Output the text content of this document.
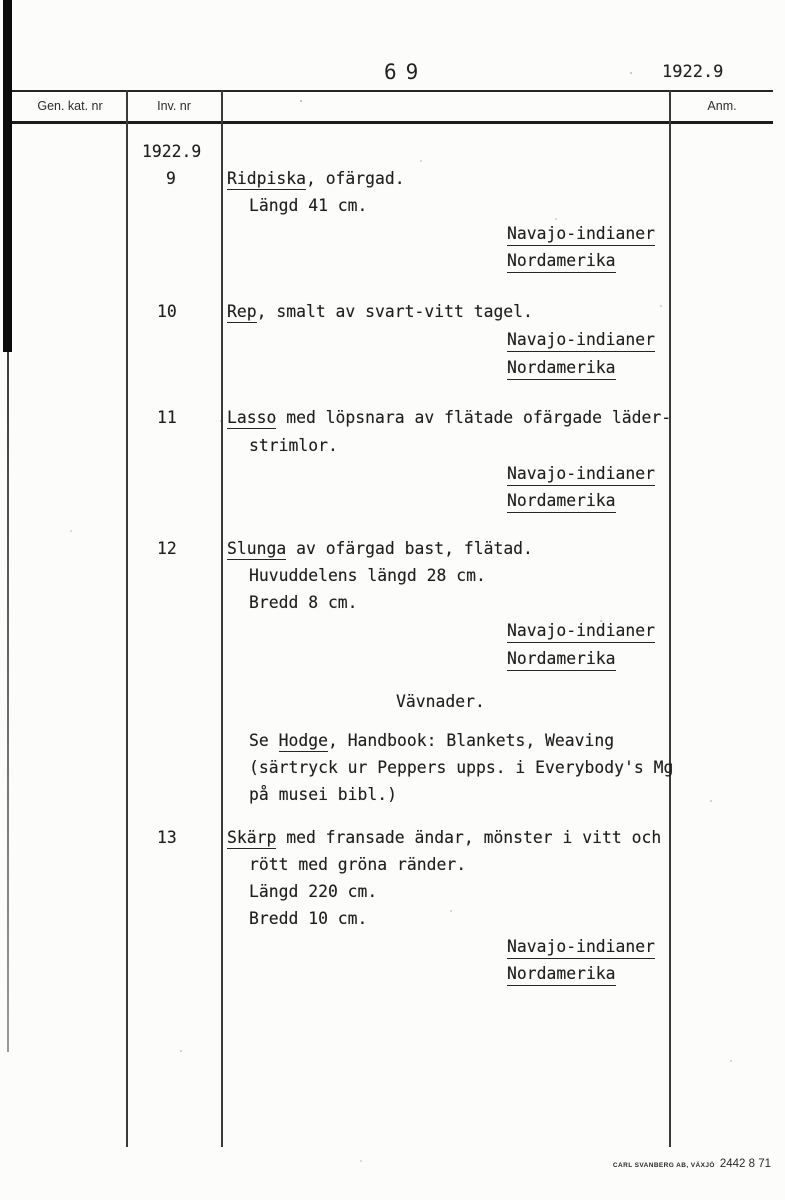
69	1922.9
Gen. kat. nr	Inv. nr	Anm.
1922.9
9	Ridpiska, ofärgad.
Längd 41 cm.
Navajo-indianer
Nordamerika
10	Rep, smalt av svart-vitt tagel.
Navajo-indianer
Nordamerika
11	Lasso med löpsnara av flätade ofärgade läder-
strimlor.
Navajo-indianer
Nordamerika
12	Slunga av ofärgad bast, flätad.
Huvuddelens längd 28 cm.
Bredd 8 cm.
Navajo-indianer
Nordamerika
Vävnader.
Se Hodge, Handbook: Blankets, Weaving
(särtryck ur Peppers upps. i Everybody's Mg
på musei bibl.)
13	Skärp med fransade ändar, mönster i vitt och
rött med gröna ränder.
Längd 220 cm.
Bredd 10 cm.
Navajo-indianer
Nordamerika
CARL SVANBERG AB, VÄXJÖ 2442 8 71
